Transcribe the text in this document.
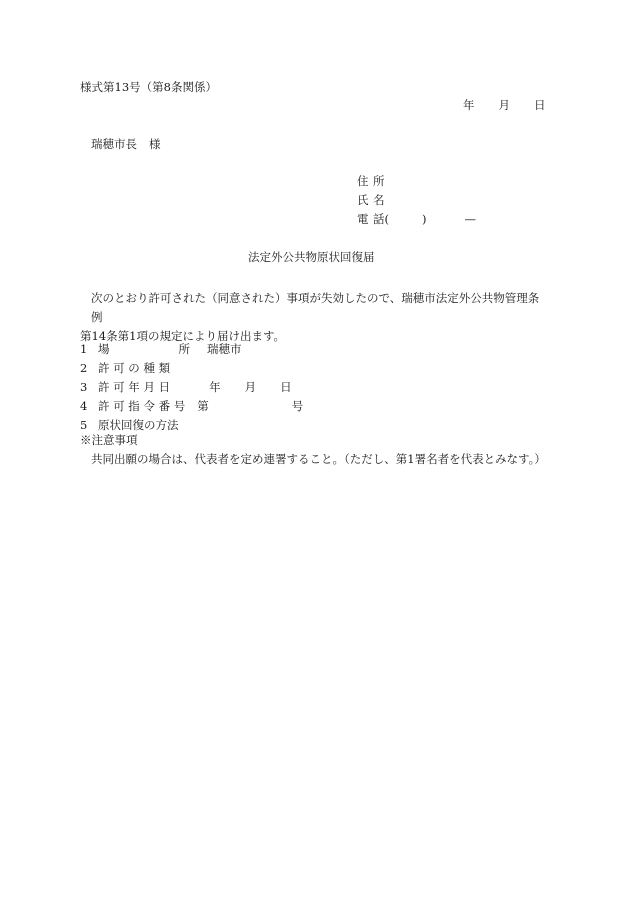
様式第13号（第8条関係）
年 月 日
瑞穂市長 様
住 所
氏 名
電 話(	)	—
法定外公共物原状回復届
次のとおり許可された（同意された）事項が失効したので、瑞穂市法定外公共物管理条例
第14条第1項の規定により届け出ます。
1 場	所 瑞穂市
2 許 可 の 種 類
3 許 可 年 月 日	年 月 日
4 許 可 指 令 番 号 第	号
5 原状回復の方法
※注意事項
共同出願の場合は、代表者を定め連署すること。（ただし、第1署名者を代表とみなす。）
